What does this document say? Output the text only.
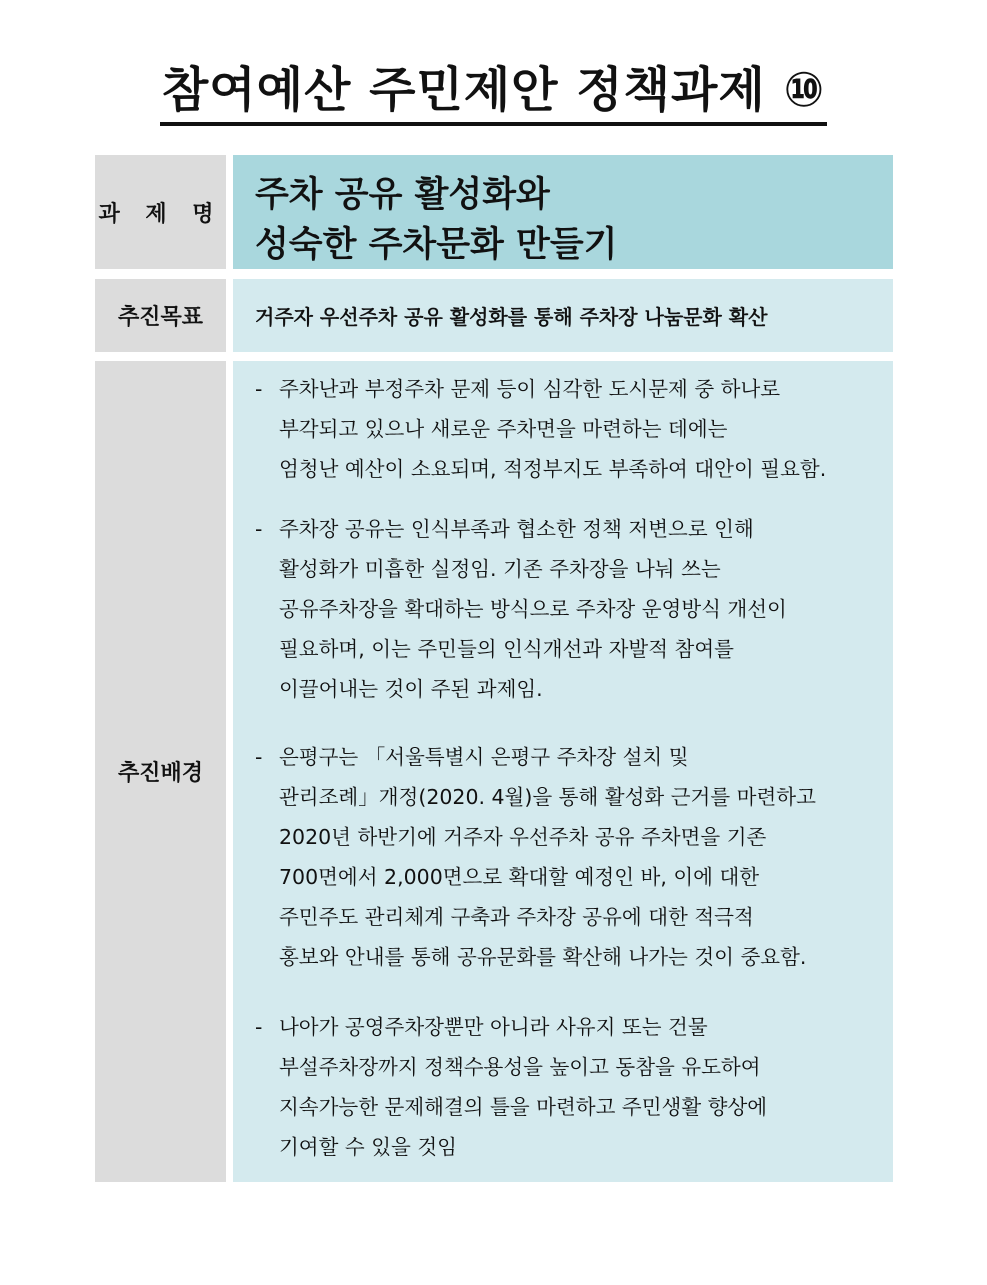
참여예산 주민제안 정책과제 ⑩
과 제 명 주차 공유 활성화와
성숙한 주차문화 만들기
추진목표	거주자 우선주차 공유 활성화를 통해 주차장 나눔문화 확산
추진배경
- 주차난과 부정주차 문제 등이 심각한 도시문제 중 하나로
부각되고 있으나 새로운 주차면을 마련하는 데에는
엄청난 예산이 소요되며, 적정부지도 부족하여 대안이 필요함.
- 주차장 공유는 인식부족과 협소한 정책 저변으로 인해
활성화가 미흡한 실정임. 기존 주차장을 나눠 쓰는
공유주차장을 확대하는 방식으로 주차장 운영방식 개선이
필요하며, 이는 주민들의 인식개선과 자발적 참여를
이끌어내는 것이 주된 과제임.
- 은평구는 「서울특별시 은평구 주차장 설치 및
관리조례」개정(2020. 4월)을 통해 활성화 근거를 마련하고
2020년 하반기에 거주자 우선주차 공유 주차면을 기존
700면에서 2,000면으로 확대할 예정인 바, 이에 대한
주민주도 관리체계 구축과 주차장 공유에 대한 적극적
홍보와 안내를 통해 공유문화를 확산해 나가는 것이 중요함.
- 나아가 공영주차장뿐만 아니라 사유지 또는 건물
부설주차장까지 정책수용성을 높이고 동참을 유도하여
지속가능한 문제해결의 틀을 마련하고 주민생활 향상에
기여할 수 있을 것임
